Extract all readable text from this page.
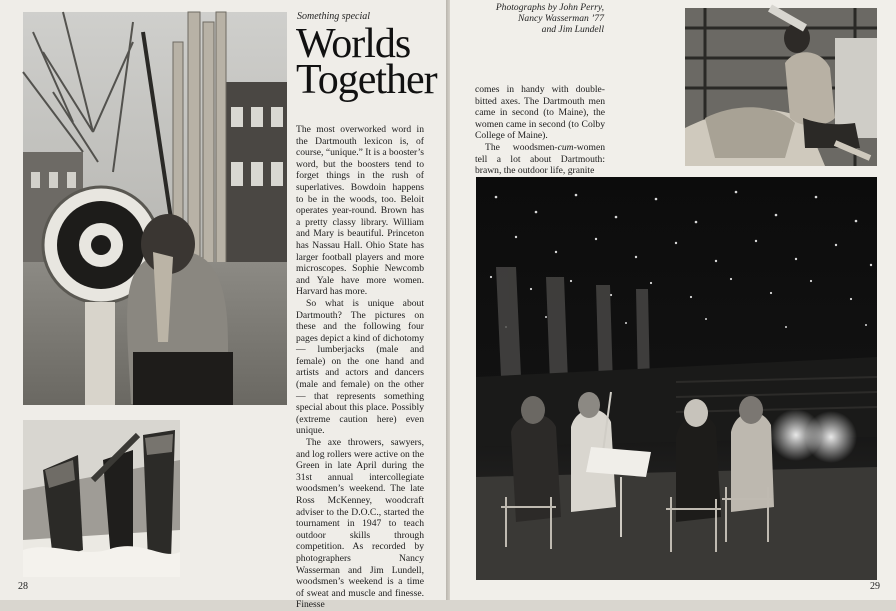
Something special
Worlds
Together

The most overworked word in the Dartmouth lexicon is, of course, “unique.” It is a booster’s word, but the boosters tend to forget things in the rush of superlatives. Bowdoin happens to be in the woods, too. Beloit operates year-round. Brown has a pretty classy library. William and Mary is beautiful. Princeton has Nassau Hall. Ohio State has larger football players and more microscopes. Sophie Newcomb and Yale have more women. Harvard has more.

So what is unique about Dartmouth? The pictures on these and the following four pages depict a kind of dichotomy — lumberjacks (male and female) on the one hand and artists and actors and dancers (male and female) on the other — that represents something special about this place. Possibly (extreme caution here) even unique.

The axe throwers, sawyers, and log rollers were active on the Green in late April during the 31st annual intercollegiate woodsmen’s weekend. The late Ross McKenney, woodcraft adviser to the D.O.C., started the tournament in 1947 to teach outdoor skills through competition. As recorded by photographers Nancy Wasserman and Jim Lundell, woodsmen’s weekend is a time of sweat and muscle and finesse. Finesse

28
Photographs by John Perry,
Nancy Wasserman ’77
and Jim Lundell

comes in handy with double-bitted axes. The Dartmouth men came in second (to Maine), the women came in second (to Colby College of Maine).

The woodsmen-cum-women tell a lot about Dartmouth: brawn, the outdoor life, granite

29
